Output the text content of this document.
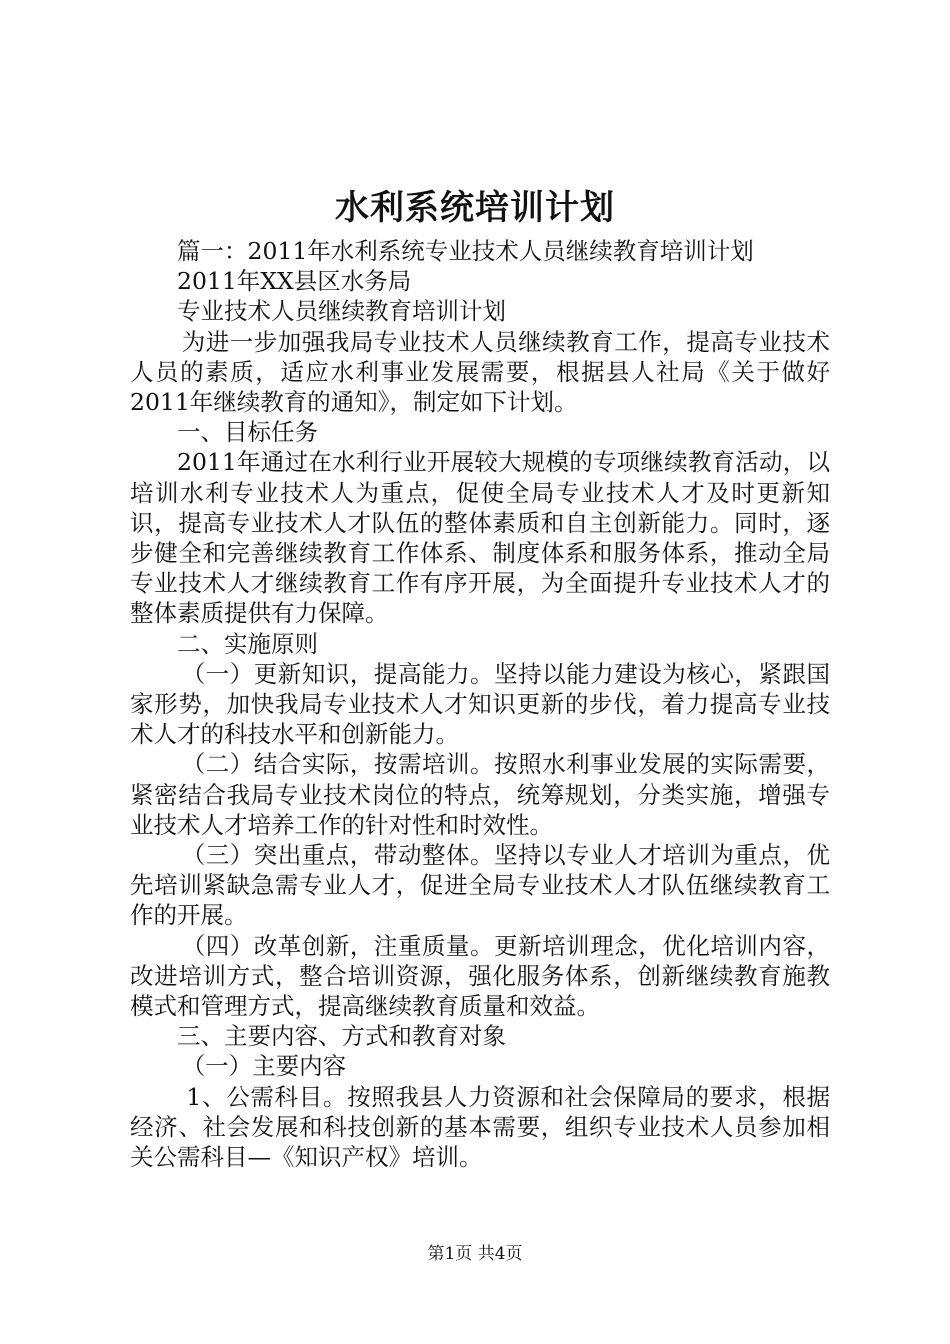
水利系统培训计划

篇一：2011年水利系统专业技术人员继续教育培训计划

2011年XX县区水务局

专业技术人员继续教育培训计划

为进一步加强我局专业技术人员继续教育工作，提高专业技术人员的素质，适应水利事业发展需要，根据县人社局《关于做好2011年继续教育的通知》，制定如下计划。

一、目标任务

2011年通过在水利行业开展较大规模的专项继续教育活动，以培训水利专业技术人为重点，促使全局专业技术人才及时更新知识，提高专业技术人才队伍的整体素质和自主创新能力。同时，逐步健全和完善继续教育工作体系、制度体系和服务体系，推动全局专业技术人才继续教育工作有序开展，为全面提升专业技术人才的整体素质提供有力保障。

二、实施原则

（一）更新知识，提高能力。坚持以能力建设为核心，紧跟国家形势，加快我局专业技术人才知识更新的步伐，着力提高专业技术人才的科技水平和创新能力。

（二）结合实际，按需培训。按照水利事业发展的实际需要，紧密结合我局专业技术岗位的特点，统筹规划，分类实施，增强专业技术人才培养工作的针对性和时效性。

（三）突出重点，带动整体。坚持以专业人才培训为重点，优先培训紧缺急需专业人才，促进全局专业技术人才队伍继续教育工作的开展。

（四）改革创新，注重质量。更新培训理念，优化培训内容，改进培训方式，整合培训资源，强化服务体系，创新继续教育施教模式和管理方式，提高继续教育质量和效益。

三、主要内容、方式和教育对象

（一）主要内容

1、公需科目。按照我县人力资源和社会保障局的要求，根据经济、社会发展和科技创新的基本需要，组织专业技术人员参加相关公需科目—《知识产权》培训。

第1页 共4页
